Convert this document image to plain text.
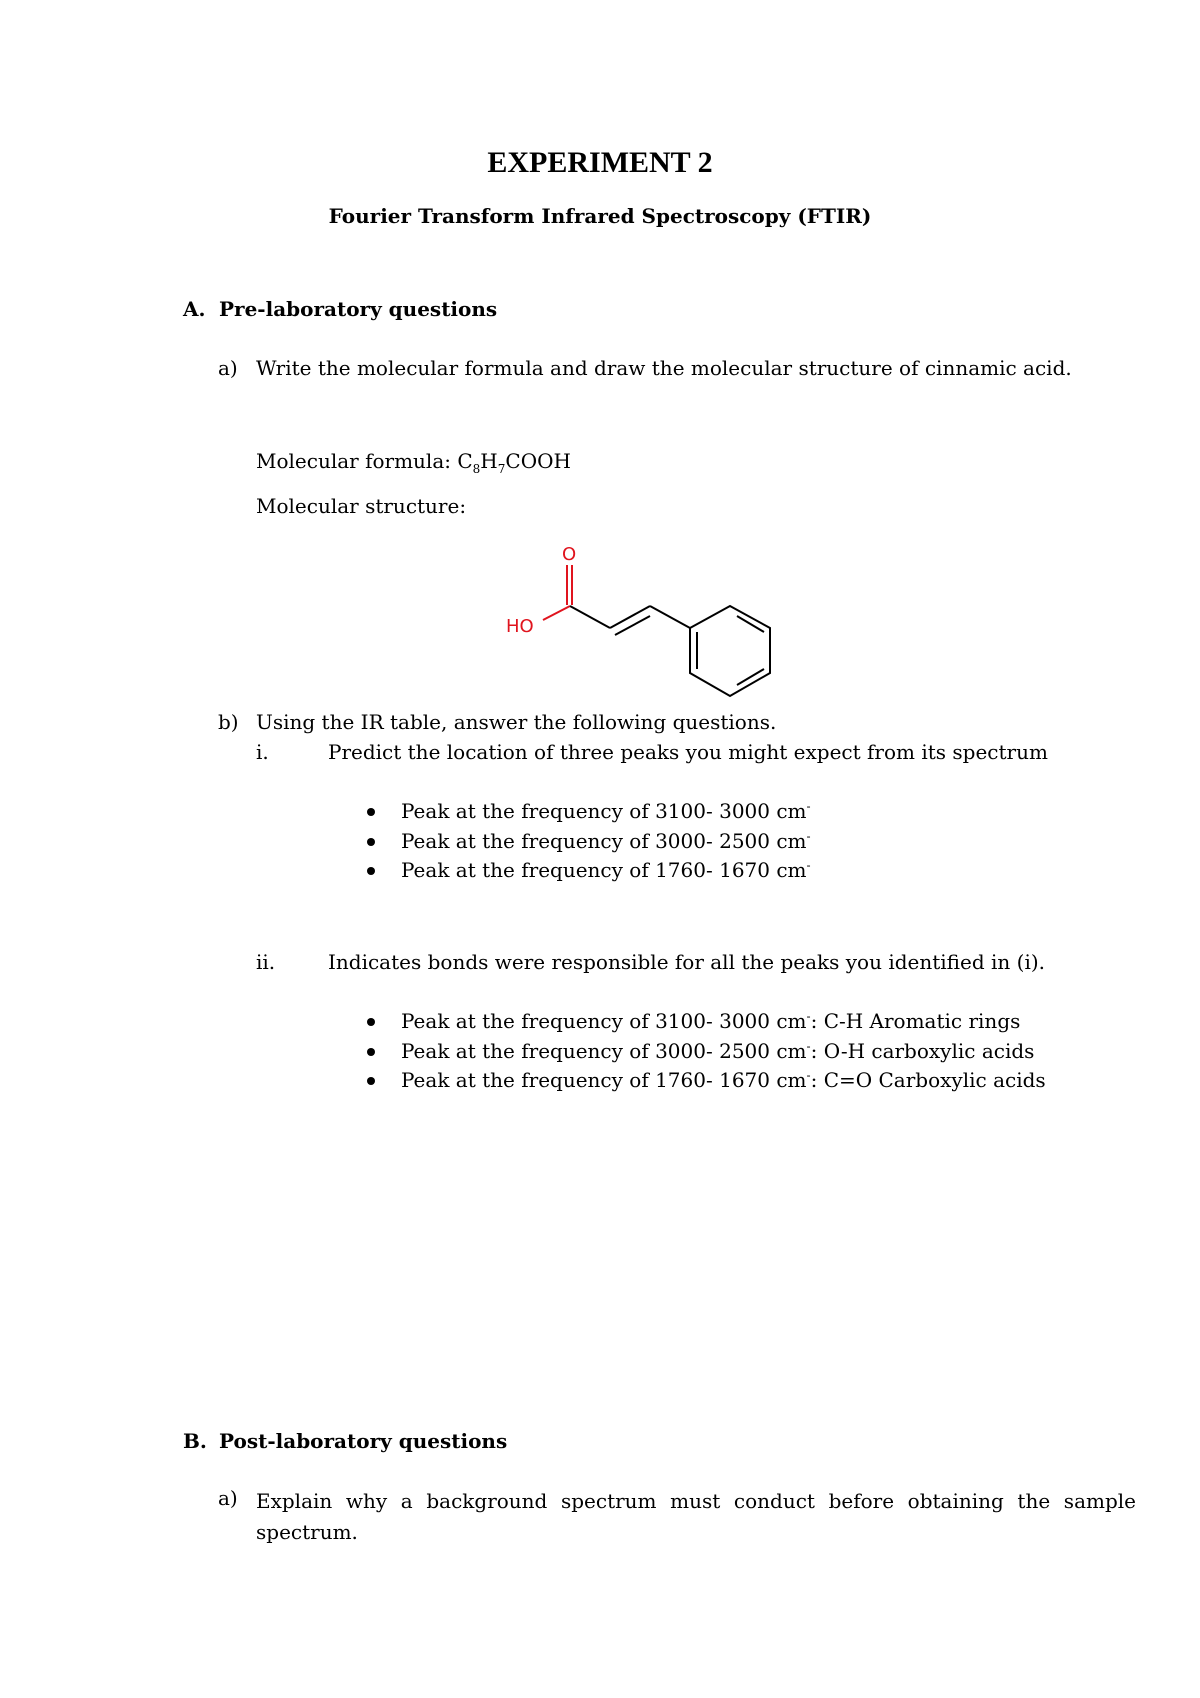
EXPERIMENT 2
Fourier Transform Infrared Spectroscopy (FTIR)
A. Pre-laboratory questions
a) Write the molecular formula and draw the molecular structure of cinnamic acid.
Molecular formula: $C_8H_7COOH$
Molecular structure:
O
HO
b) Using the IR table, answer the following questions.
i.	Predict the location of three peaks you might expect from its spectrum
Peak at the frequency of 3100- 3000 cm-
Peak at the frequency of 3000- 2500 cm-
Peak at the frequency of 1760- 1670 cm-
ii.	Indicates bonds were responsible for all the peaks you identified in (i).
Peak at the frequency of 3100- 3000 cm-: C-H Aromatic rings
Peak at the frequency of 3000- 2500 cm-: O-H carboxylic acids
Peak at the frequency of 1760- 1670 cm-: C=O Carboxylic acids
B. Post-laboratory questions
a) Explain why a background spectrum must conduct before obtaining the sample spectrum.
